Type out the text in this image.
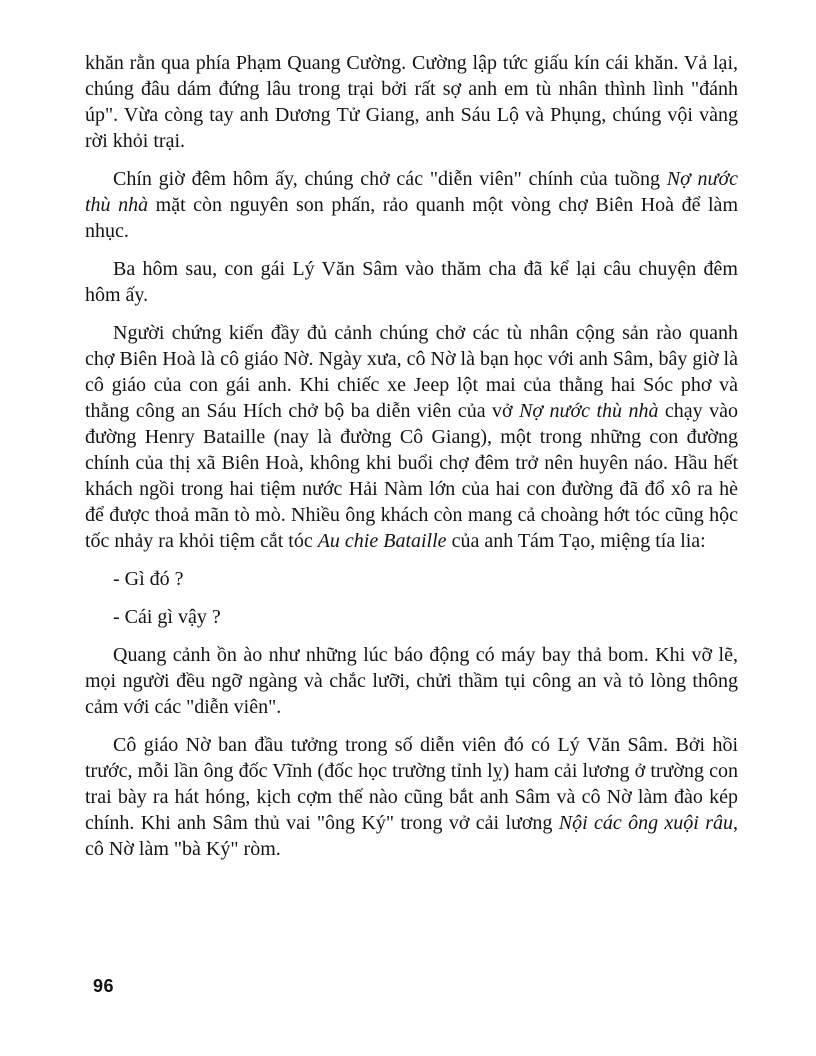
khăn rằn qua phía Phạm Quang Cường. Cường lập tức giấu kín cái khăn. Vả lại, chúng đâu dám đứng lâu trong trại bởi rất sợ anh em tù nhân thình lình "đánh úp". Vừa còng tay anh Dương Tử Giang, anh Sáu Lộ và Phụng, chúng vội vàng rời khỏi trại.

Chín giờ đêm hôm ấy, chúng chở các "diễn viên" chính của tuồng Nợ nước thù nhà mặt còn nguyên son phấn, rảo quanh một vòng chợ Biên Hoà để làm nhục.

Ba hôm sau, con gái Lý Văn Sâm vào thăm cha đã kể lại câu chuyện đêm hôm ấy.

Người chứng kiến đầy đủ cảnh chúng chở các tù nhân cộng sản rào quanh chợ Biên Hoà là cô giáo Nờ. Ngày xưa, cô Nờ là bạn học với anh Sâm, bây giờ là cô giáo của con gái anh. Khi chiếc xe Jeep lột mai của thằng hai Sóc phơ và thằng công an Sáu Hích chở bộ ba diễn viên của vở Nợ nước thù nhà chạy vào đường Henry Bataille (nay là đường Cô Giang), một trong những con đường chính của thị xã Biên Hoà, không khi buổi chợ đêm trở nên huyên náo. Hầu hết khách ngồi trong hai tiệm nước Hải Nàm lớn của hai con đường đã đổ xô ra hè để được thoả mãn tò mò. Nhiều ông khách còn mang cả choàng hớt tóc cũng hộc tốc nhảy ra khỏi tiệm cắt tóc Au chie Bataille của anh Tám Tạo, miệng tía lia:

- Gì đó ?

- Cái gì vậy ?

Quang cảnh ồn ào như những lúc báo động có máy bay thả bom. Khi vỡ lẽ, mọi người đều ngỡ ngàng và chắc lưỡi, chửi thầm tụi công an và tỏ lòng thông cảm với các "diễn viên".

Cô giáo Nờ ban đầu tưởng trong số diễn viên đó có Lý Văn Sâm. Bởi hồi trước, mỗi lần ông đốc Vĩnh (đốc học trường tỉnh lỵ) ham cải lương ở trường con trai bày ra hát hóng, kịch cợm thế nào cũng bắt anh Sâm và cô Nờ làm đào kép chính. Khi anh Sâm thủ vai "ông Ký" trong vở cải lương Nội các ông xuội râu, cô Nờ làm "bà Ký" ròm.

96
